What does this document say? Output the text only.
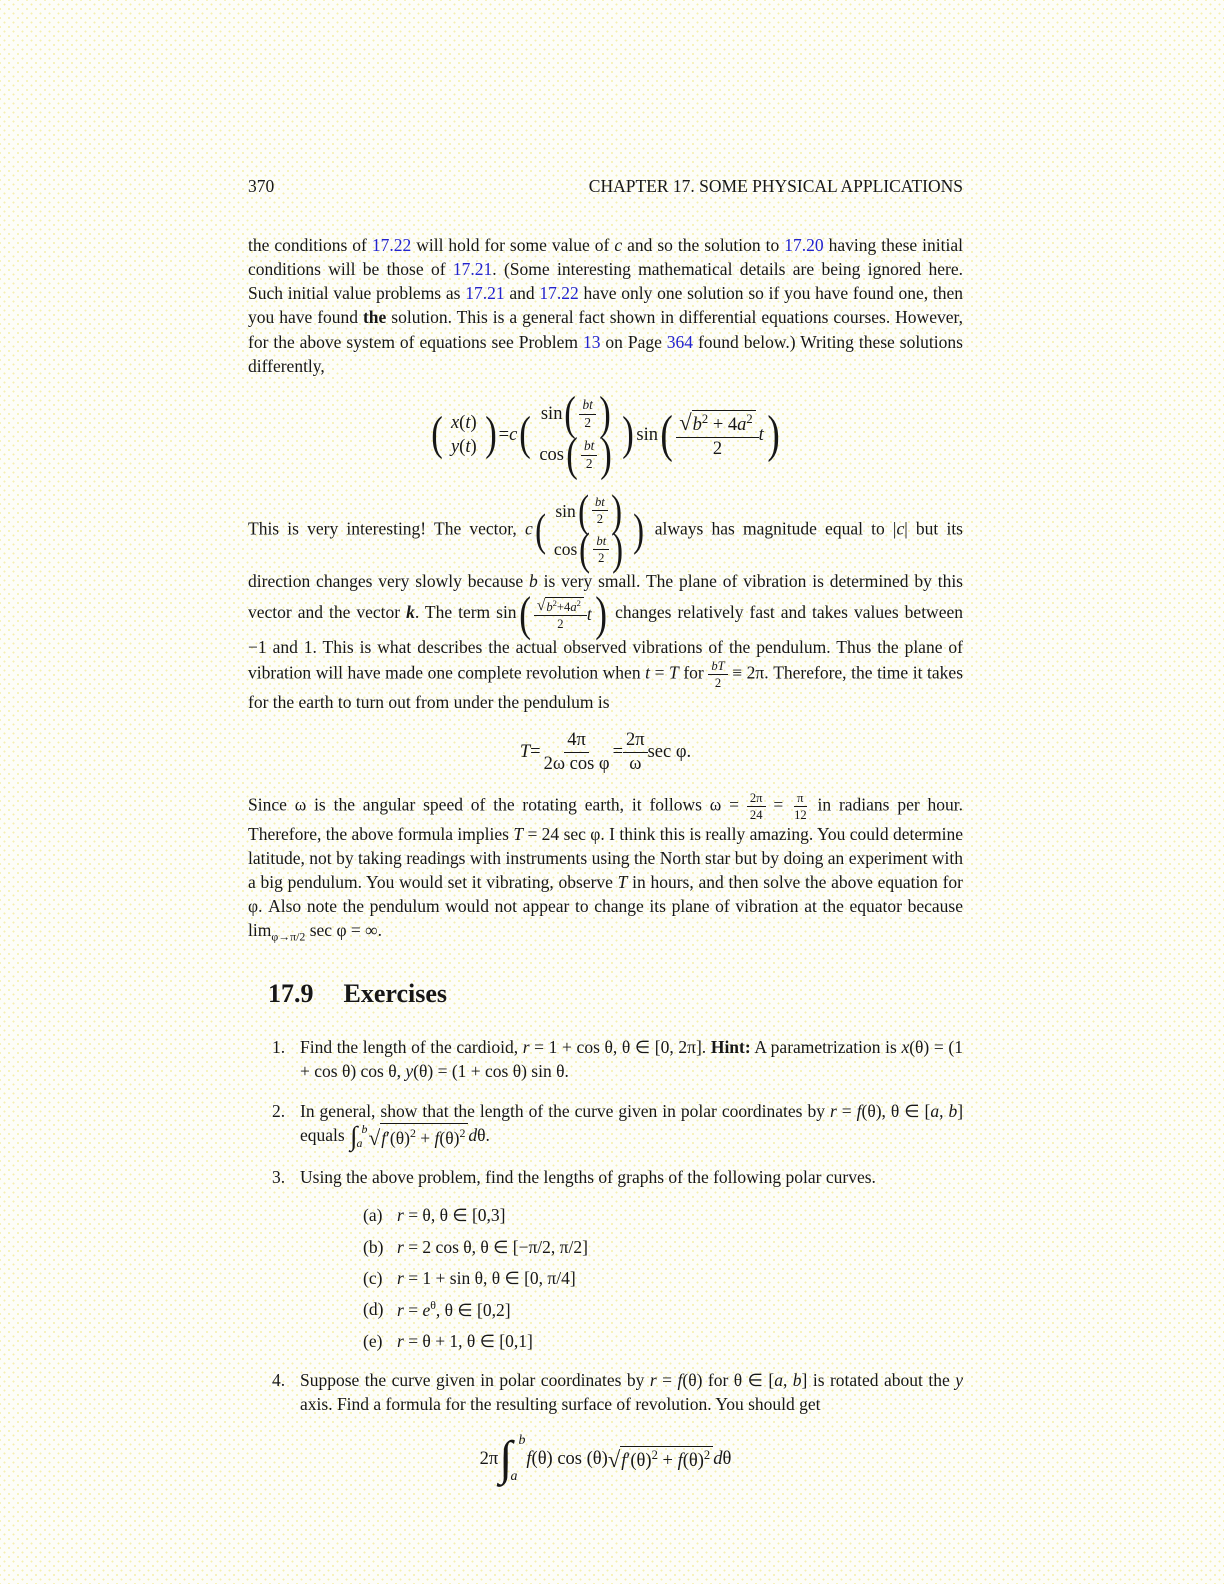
370	CHAPTER 17. SOME PHYSICAL APPLICATIONS

the conditions of 17.22 will hold for some value of c and so the solution to 17.20 having these initial conditions will be those of 17.21. (Some interesting mathematical details are being ignored here. Such initial value problems as 17.21 and 17.22 have only one solution so if you have found one, then you have found the solution. This is a general fact shown in differential equations courses. However, for the above system of equations see Problem 13 on Page 364 found below.) Writing these solutions differently,

( x ( t )
y ( t ) ) = c ( sin ( $\frac{bt}{2}$ )
cos ( $\frac{bt}{2}$ ) ) sin ( $\frac{√ b^2 + 4a^2}{2}$ t )

This is very interesting! The vector, c ( sin ( $\frac{bt}{2}$ )
cos ( $\frac{bt}{2}$ ) ) always has magnitude equal to |c| but its direction changes very slowly because b is very small. The plane of vibration is determined by this vector and the vector k. The term sin ( $\frac{√ b^2+4a^2}{2}$ t ) changes relatively fast and takes values between −1 and 1. This is what describes the actual observed vibrations of the pendulum. Thus the plane of vibration will have made one complete revolution when t = T for $\frac{bT}{2} \equiv 2\pi$. Therefore, the time it takes for the earth to turn out from under the pendulum is

$T = \frac{4\pi}{\text{2ω cos φ}} = \frac{2\pi}{\omega}$ sec φ.

Since ω is the angular speed of the rotating earth, it follows $\omega = \frac{2\pi}{24} = \frac{\pi}{12}$ in radians per hour. Therefore, the above formula implies T = 24 sec φ. I think this is really amazing. You could determine latitude, not by taking readings with instruments using the North star but by doing an experiment with a big pendulum. You would set it vibrating, observe T in hours, and then solve the above equation for φ. Also note the pendulum would not appear to change its plane of vibration at the equator because $\lim_{\varphi\to\pi/2} \sec \varphi$ = ∞.

17.9 Exercises
1. Find the length of the cardioid, r = 1 + cos θ, θ ∈ [0, 2π]. Hint: A parametrization is x(θ) = (1 + cos θ) cos θ, y(θ) = (1 + cos θ) sin θ.
2. In general, show that the length of the curve given in polar coordinates by r = f(θ), θ ∈ [a, b] equals ∫ b
a √ $f'(\theta)^2 + f(\theta)^2$ dθ.
3. Using the above problem, find the lengths of graphs of the following polar curves.
(a) r = θ, θ ∈ [0,3]
(b) r = 2 cos θ, θ ∈ [−π/2, π/2]
(c) r = 1 + sin θ, θ ∈ [0, π/4]
(d) $r = e^\theta$, θ ∈ [0,2]
(e) r = θ + 1, θ ∈ [0,1]
4. Suppose the curve given in polar coordinates by r = f(θ) for θ ∈ [a, b] is rotated about the y axis. Find a formula for the resulting surface of revolution. You should get
2π ∫ b
a
f (θ) cos (θ) √ $f'(\theta)^2 + f(\theta)^2$ d θ
